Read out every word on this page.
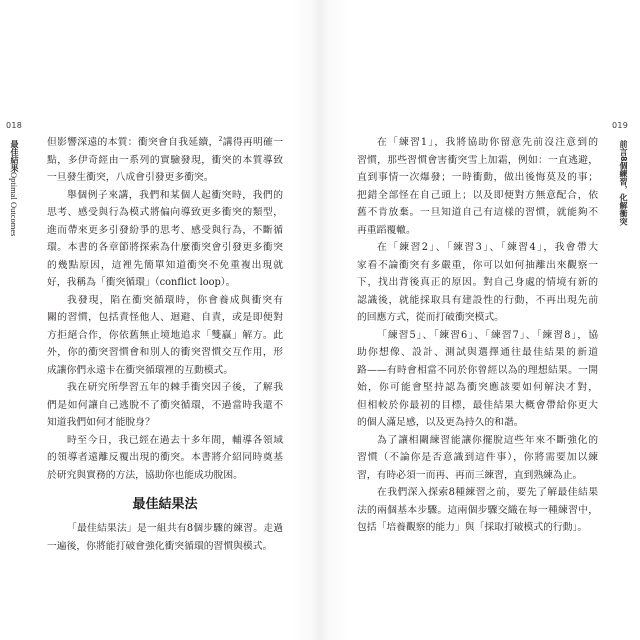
018	019
最佳結果Optimal Outcomes
前言8個練習，化解衝突
但影響深遠的本質：衝突會自我延續，$^2$講得再明確一
點，多伊奇經由一系列的實驗發現，衝突的本質導致
一旦發生衝突，八成會引發更多衝突。
舉個例子來講，我們和某個人起衝突時，我們的
思考、感受與行為模式將偏向導致更多衝突的類型，
進而帶來更多引發紛爭的思考、感受與行為，不斷循
環。本書的各章節將探索為什麼衝突會引發更多衝突
的幾點原因，這裡先簡單知道衝突不免重複出現就
好，我稱為「衝突循環」（conflict loop）。
我發現，陷在衝突循環時，你會養成與衝突有
關的習慣，包括責怪他人、迴避、自責，或是即便對
方拒絕合作，你依舊無止境地追求「雙贏」解方。此
外，你的衝突習慣會和別人的衝突習慣交互作用，形
成讓你們永遠卡在衝突循環裡的互動模式。
我在研究所學習五年的棘手衝突因子後，了解我
們是如何讓自己逃脫不了衝突循環，不過當時我還不
知道我們如何才能脫身？
時至今日，我已經在過去十多年間，輔導各領域
的領導者遠離反覆出現的衝突。本書將介紹同時奠基
於研究與實務的方法，協助你也能成功脫困。
最佳結果法
「最佳結果法」是一組共有8個步驟的練習。走過
一遍後，你將能打破會強化衝突循環的習慣與模式。
在「練習1」，我將協助你留意先前沒注意到的
習慣，那些習慣會害衝突雪上加霜，例如：一直逃避，
直到事情一次爆發；一時衝動，做出後悔莫及的事；
把錯全部怪在自己頭上；以及即便對方無意配合，依
舊不肯放棄。一旦知道自己有這樣的習慣，就能夠不
再重蹈覆轍。
在「練習2」、「練習3」、「練習4」，我會帶大
家看不論衝突有多嚴重，你可以如何抽離出來觀察一
下，找出背後真正的原因。對自己身處的情境有新的
認識後，就能採取具有建設性的行動，不再出現先前
的回應方式，從而打破衝突模式。
「練習5」、「練習6」、「練習7」、「練習8」，協
助你想像、設計、測試與選擇通往最佳結果的新道
路——有時會相當不同於你曾經以為的理想結果。一開
始，你可能會堅持認為衝突應該要如何解決才對，
但相較於你最初的目標，最佳結果大概會帶給你更大
的個人滿足感，以及更為持久的和諧。
為了讓相關練習能讓你擺脫這些年來不斷強化的
習慣（不論你是否意識到這件事），你將需要加以練
習，有時必須一而再、再而三練習，直到熟練為止。
在我們深入探索8種練習之前，要先了解最佳結果
法的兩個基本步驟。這兩個步驟交織在每一種練習中，
包括「培養觀察的能力」與「採取打破模式的行動」。
